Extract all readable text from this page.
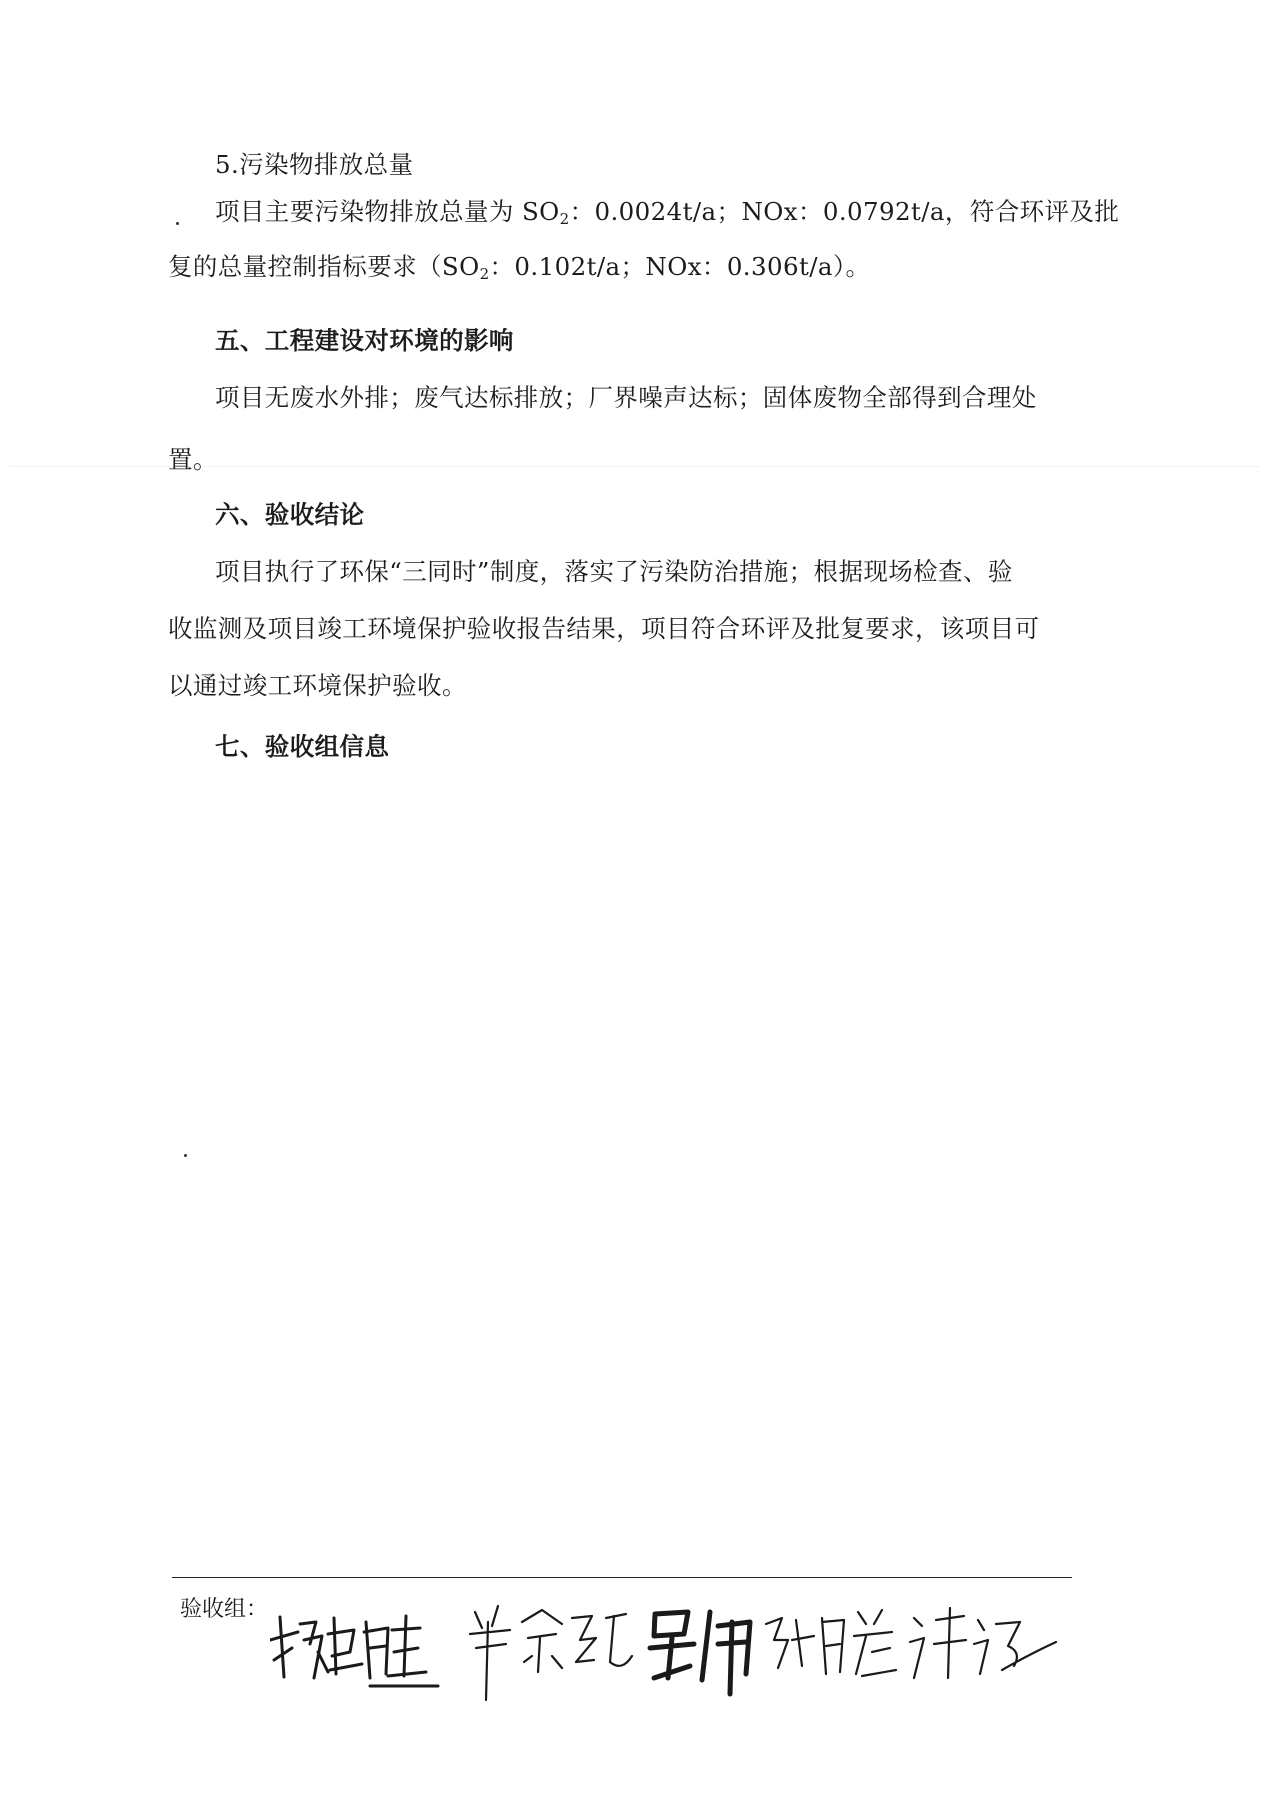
5.污染物排放总量
项目主要污染物排放总量为 $SO_2$：0.0024t/a；NOx：0.0792t/a，符合环评及批
复的总量控制指标要求（$SO_2$：0.102t/a；NOx：0.306t/a）。
五、工程建设对环境的影响
项目无废水外排；废气达标排放；厂界噪声达标；固体废物全部得到合理处
置。
六、验收结论
项目执行了环保“三同时”制度，落实了污染防治措施；根据现场检查、验
收监测及项目竣工环境保护验收报告结果，项目符合环评及批复要求，该项目可
以通过竣工环境保护验收。
七、验收组信息
验收组：
